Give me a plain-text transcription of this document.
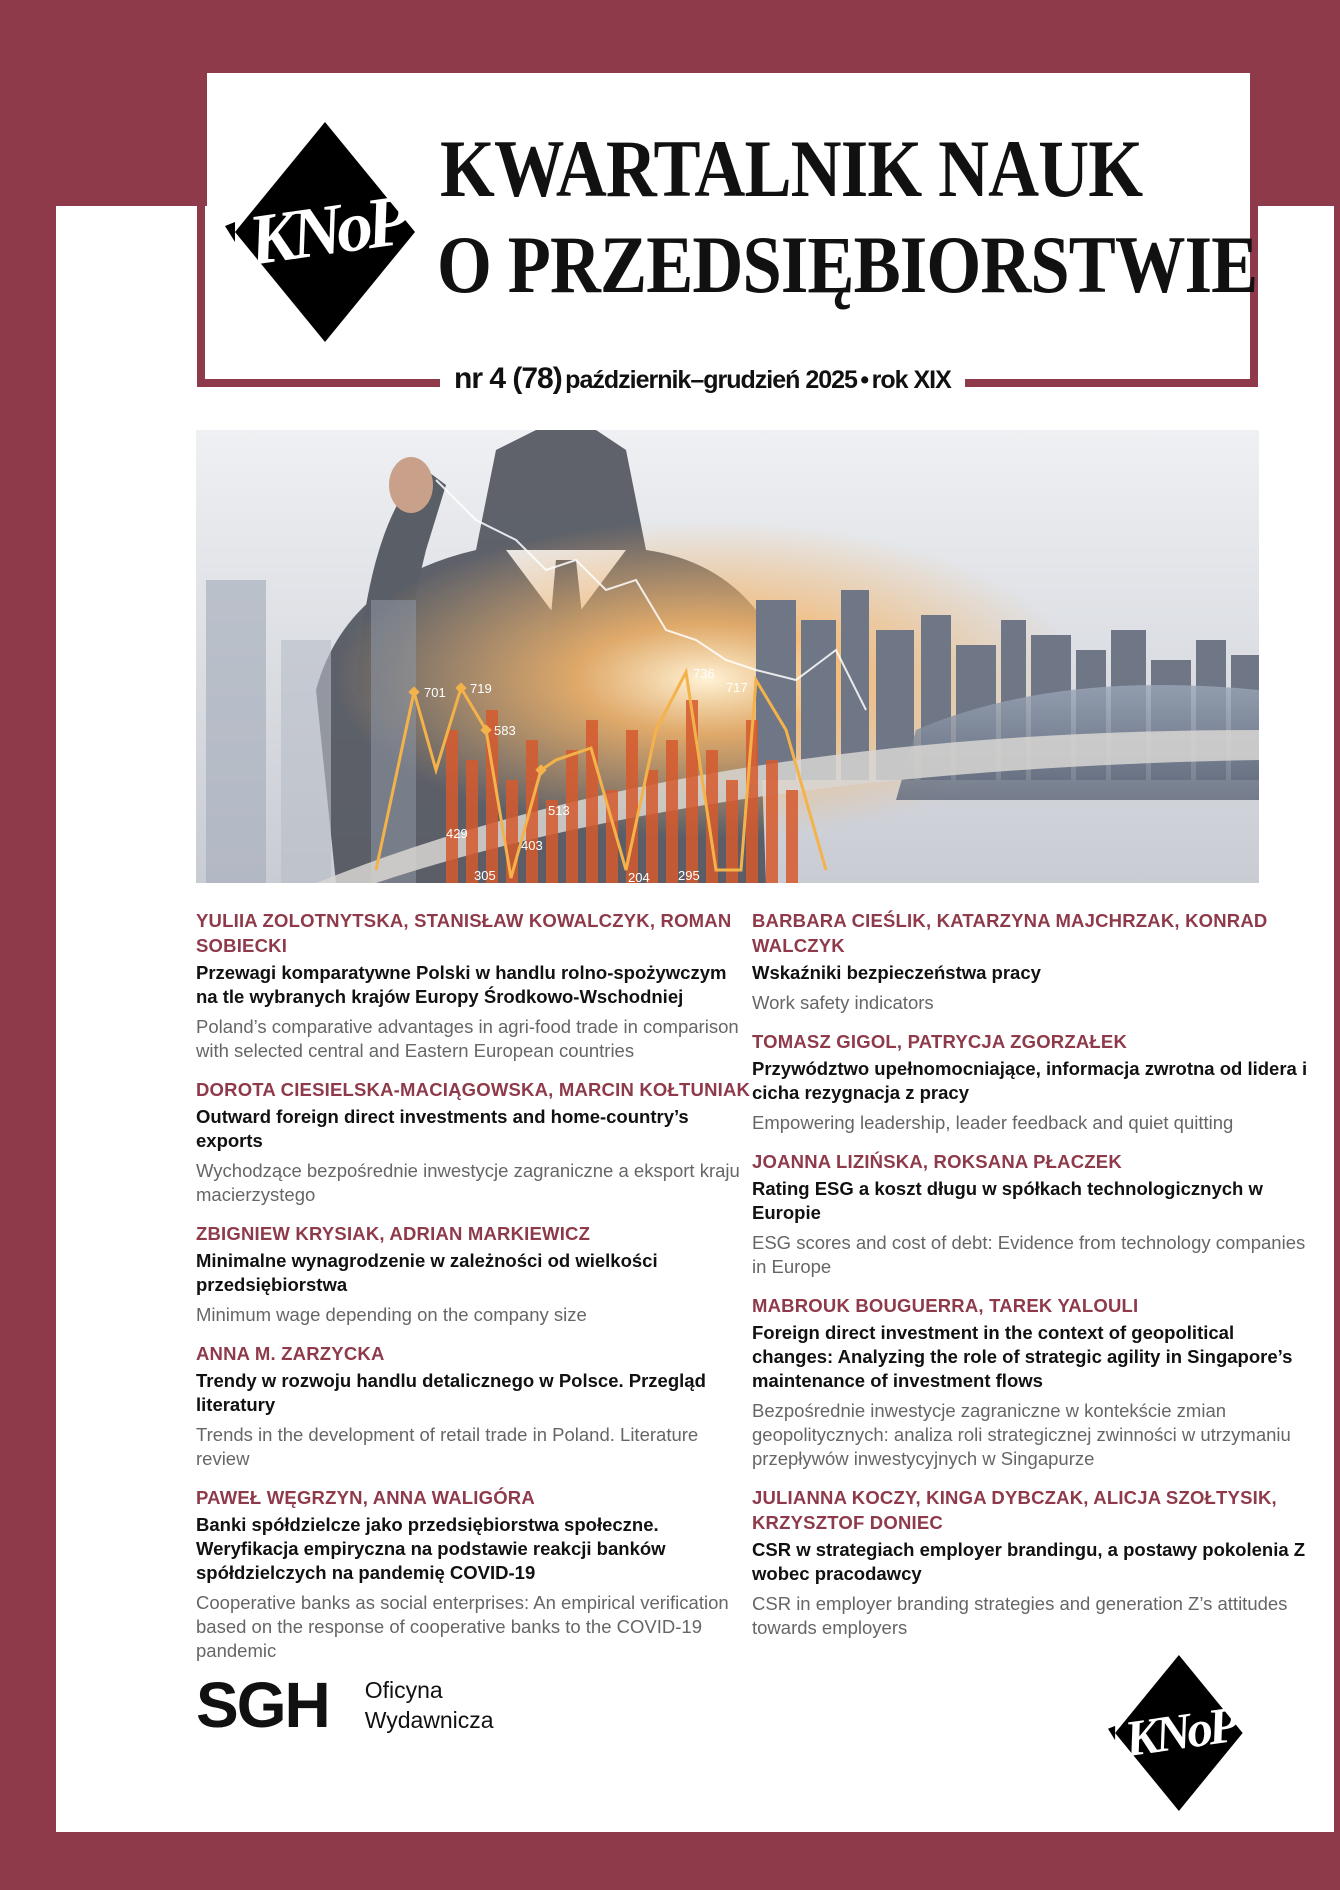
KNoP
KWARTALNIK NAUK
O PRZEDSIĘBIORSTWIE
nr 4 (78) październik–grudzień 2025 • rok XIX
701 719
583
736
717
429
513
403
305	204 295
YULIIA ZOLOTNYTSKA, STANISŁAW KOWALCZYK, ROMAN SOBIECKI
Przewagi komparatywne Polski w handlu rolno-spożywczym na tle wybranych krajów Europy Środkowo-Wschodniej
Poland’s comparative advantages in agri-food trade in comparison with selected central and Eastern European countries
DOROTA CIESIELSKA-MACIĄGOWSKA, MARCIN KOŁTUNIAK
Outward foreign direct investments and home-country’s exports
Wychodzące bezpośrednie inwestycje zagraniczne a eksport kraju macierzystego
ZBIGNIEW KRYSIAK, ADRIAN MARKIEWICZ
Minimalne wynagrodzenie w zależności od wielkości przedsiębiorstwa
Minimum wage depending on the company size
ANNA M. ZARZYCKA
Trendy w rozwoju handlu detalicznego w Polsce. Przegląd literatury
Trends in the development of retail trade in Poland. Literature review
PAWEŁ WĘGRZYN, ANNA WALIGÓRA
Banki spółdzielcze jako przedsiębiorstwa społeczne. Weryfikacja empiryczna na podstawie reakcji banków spółdzielczych na pandemię COVID-19
Cooperative banks as social enterprises: An empirical verification based on the response of cooperative banks to the COVID-19 pandemic
BARBARA CIEŚLIK, KATARZYNA MAJCHRZAK, KONRAD WALCZYK
Wskaźniki bezpieczeństwa pracy
Work safety indicators
TOMASZ GIGOL, PATRYCJA ZGORZAŁEK
Przywództwo upełnomocniające, informacja zwrotna od lidera i cicha rezygnacja z pracy
Empowering leadership, leader feedback and quiet quitting
JOANNA LIZIŃSKA, ROKSANA PŁACZEK
Rating ESG a koszt długu w spółkach technologicznych w Europie
ESG scores and cost of debt: Evidence from technology companies in Europe
MABROUK BOUGUERRA, TAREK YALOULI
Foreign direct investment in the context of geopolitical changes: Analyzing the role of strategic agility in Singapore’s maintenance of investment flows
Bezpośrednie inwestycje zagraniczne w kontekście zmian geopolitycznych: analiza roli strategicznej zwinności w utrzymaniu przepływów inwestycyjnych w Singapurze
JULIANNA KOCZY, KINGA DYBCZAK, ALICJA SZOŁTYSIK, KRZYSZTOF DONIEC
CSR w strategiach employer brandingu, a postawy pokolenia Z wobec pracodawcy
CSR in employer branding strategies and generation Z’s attitudes towards employers
SGH Oficyna
Wydawnicza	KNoP
